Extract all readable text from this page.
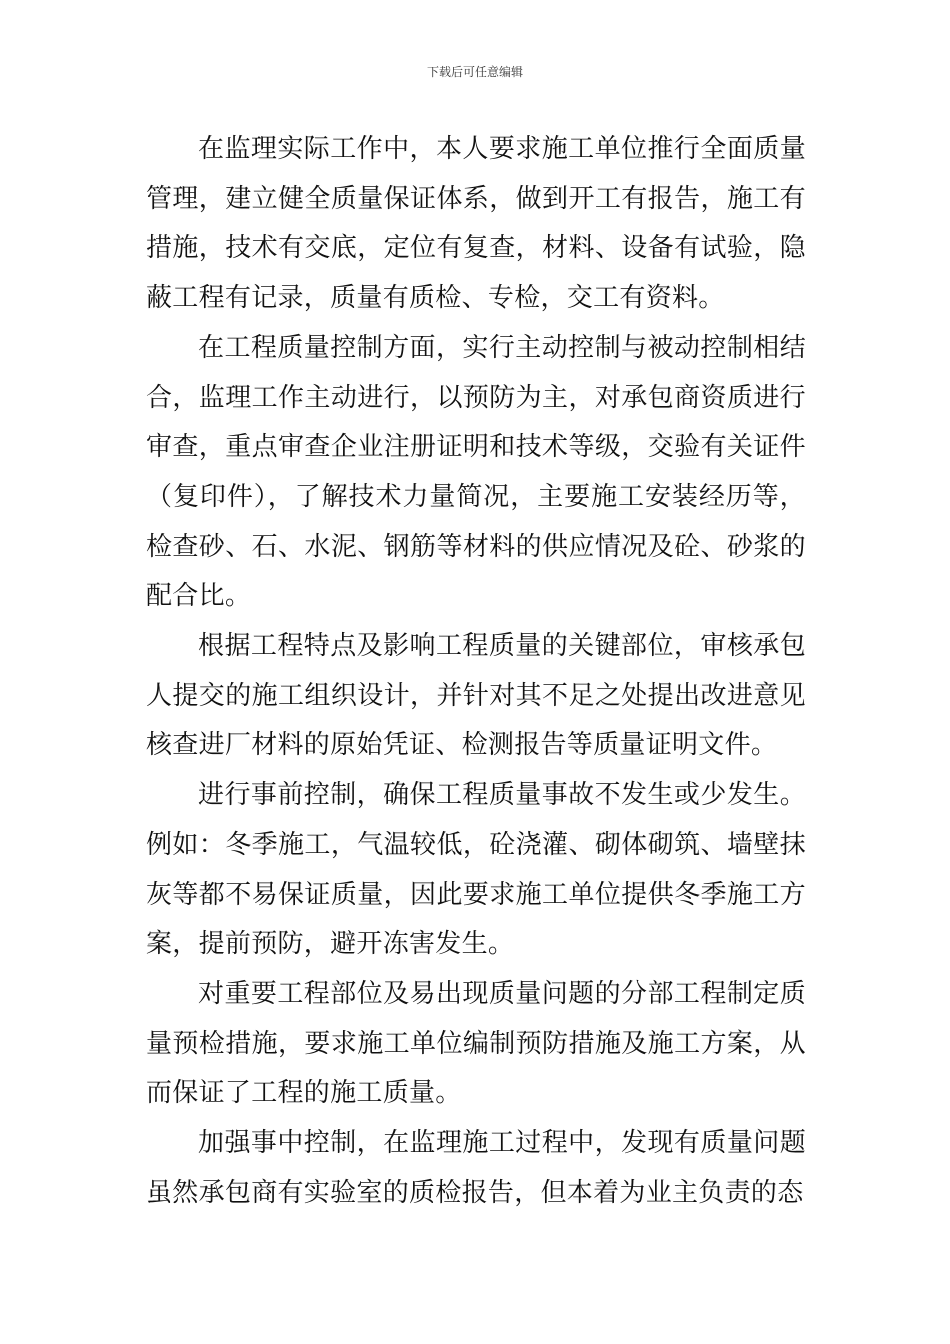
下载后可任意编辑

在监理实际工作中，本人要求施工单位推行全面质量管理，建立健全质量保证体系，做到开工有报告，施工有措施，技术有交底，定位有复查，材料、设备有试验，隐蔽工程有记录，质量有质检、专检，交工有资料。

在工程质量控制方面，实行主动控制与被动控制相结合，监理工作主动进行，以预防为主，对承包商资质进行审查，重点审查企业注册证明和技术等级，交验有关证件（复印件），了解技术力量简况，主要施工安装经历等，检查砂、石、水泥、钢筋等材料的供应情况及砼、砂浆的配合比。

根据工程特点及影响工程质量的关键部位，审核承包人提交的施工组织设计，并针对其不足之处提出改进意见核查进厂材料的原始凭证、检测报告等质量证明文件。

进行事前控制，确保工程质量事故不发生或少发生。例如：冬季施工，气温较低，砼浇灌、砌体砌筑、墙壁抹灰等都不易保证质量，因此要求施工单位提供冬季施工方案，提前预防，避开冻害发生。

对重要工程部位及易出现质量问题的分部工程制定质量预检措施，要求施工单位编制预防措施及施工方案，从而保证了工程的施工质量。

加强事中控制，在监理施工过程中，发现有质量问题虽然承包商有实验室的质检报告，但本着为业主负责的态
